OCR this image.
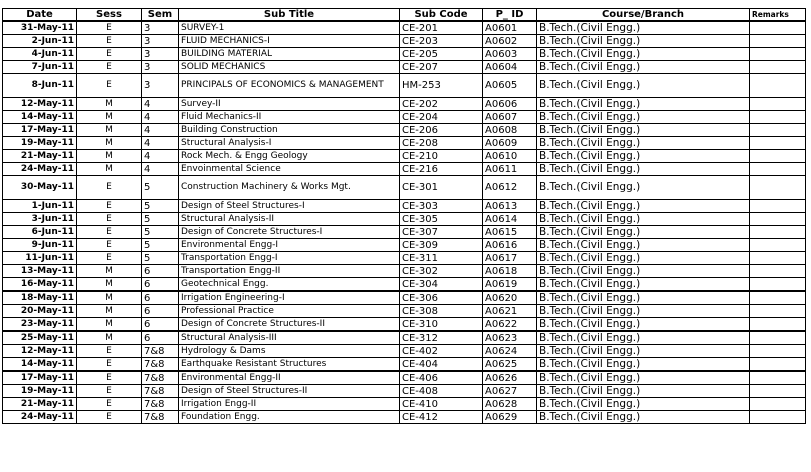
Date	Sess	Sem	Sub Title	Sub Code	P_ ID	Course/Branch	Remarks
31-May-11	E	3	SURVEY-1	CE-201	A0601	B.Tech.(Civil Engg.)	
2-Jun-11	E	3	FLUID MECHANICS-I	CE-203	A0602	B.Tech.(Civil Engg.)	
4-Jun-11	E	3	BUILDING MATERIAL	CE-205	A0603	B.Tech.(Civil Engg.)	
7-Jun-11	E	3	SOLID MECHANICS	CE-207	A0604	B.Tech.(Civil Engg.)	
8-Jun-11	E	3	PRINCIPALS OF ECONOMICS & MANAGEMENT	HM-253	A0605	B.Tech.(Civil Engg.)	
12-May-11	M	4	Survey-II	CE-202	A0606	B.Tech.(Civil Engg.)	
14-May-11	M	4	Fluid Mechanics-II	CE-204	A0607	B.Tech.(Civil Engg.)	
17-May-11	M	4	Building Construction	CE-206	A0608	B.Tech.(Civil Engg.)	
19-May-11	M	4	Structural Analysis-I	CE-208	A0609	B.Tech.(Civil Engg.)	
21-May-11	M	4	Rock Mech. & Engg Geology	CE-210	A0610	B.Tech.(Civil Engg.)	
24-May-11	M	4	Envoinmental Science	CE-216	A0611	B.Tech.(Civil Engg.)	
30-May-11	E	5	Construction Machinery & Works Mgt.	CE-301	A0612	B.Tech.(Civil Engg.)	
1-Jun-11	E	5	Design of Steel Structures-I	CE-303	A0613	B.Tech.(Civil Engg.)	
3-Jun-11	E	5	Structural Analysis-II	CE-305	A0614	B.Tech.(Civil Engg.)	
6-Jun-11	E	5	Design of Concrete Structures-I	CE-307	A0615	B.Tech.(Civil Engg.)	
9-Jun-11	E	5	Environmental Engg-I	CE-309	A0616	B.Tech.(Civil Engg.)	
11-Jun-11	E	5	Transportation Engg-I	CE-311	A0617	B.Tech.(Civil Engg.)	
13-May-11	M	6	Transportation Engg-II	CE-302	A0618	B.Tech.(Civil Engg.)	
16-May-11	M	6	Geotechnical Engg.	CE-304	A0619	B.Tech.(Civil Engg.)	
18-May-11	M	6	Irrigation Engineering-I	CE-306	A0620	B.Tech.(Civil Engg.)	
20-May-11	M	6	Professional Practice	CE-308	A0621	B.Tech.(Civil Engg.)	
23-May-11	M	6	Design of Concrete Structures-II	CE-310	A0622	B.Tech.(Civil Engg.)	
25-May-11	M	6	Structural Analysis-III	CE-312	A0623	B.Tech.(Civil Engg.)	
12-May-11	E	7&8	Hydrology & Dams	CE-402	A0624	B.Tech.(Civil Engg.)	
14-May-11	E	7&8	Earthquake Resistant Structures	CE-404	A0625	B.Tech.(Civil Engg.)	
17-May-11	E	7&8	Environmental Engg-II	CE-406	A0626	B.Tech.(Civil Engg.)	
19-May-11	E	7&8	Design of Steel Structures-II	CE-408	A0627	B.Tech.(Civil Engg.)	
21-May-11	E	7&8	Irrigation Engg-II	CE-410	A0628	B.Tech.(Civil Engg.)	
24-May-11	E	7&8	Foundation Engg.	CE-412	A0629	B.Tech.(Civil Engg.)	
